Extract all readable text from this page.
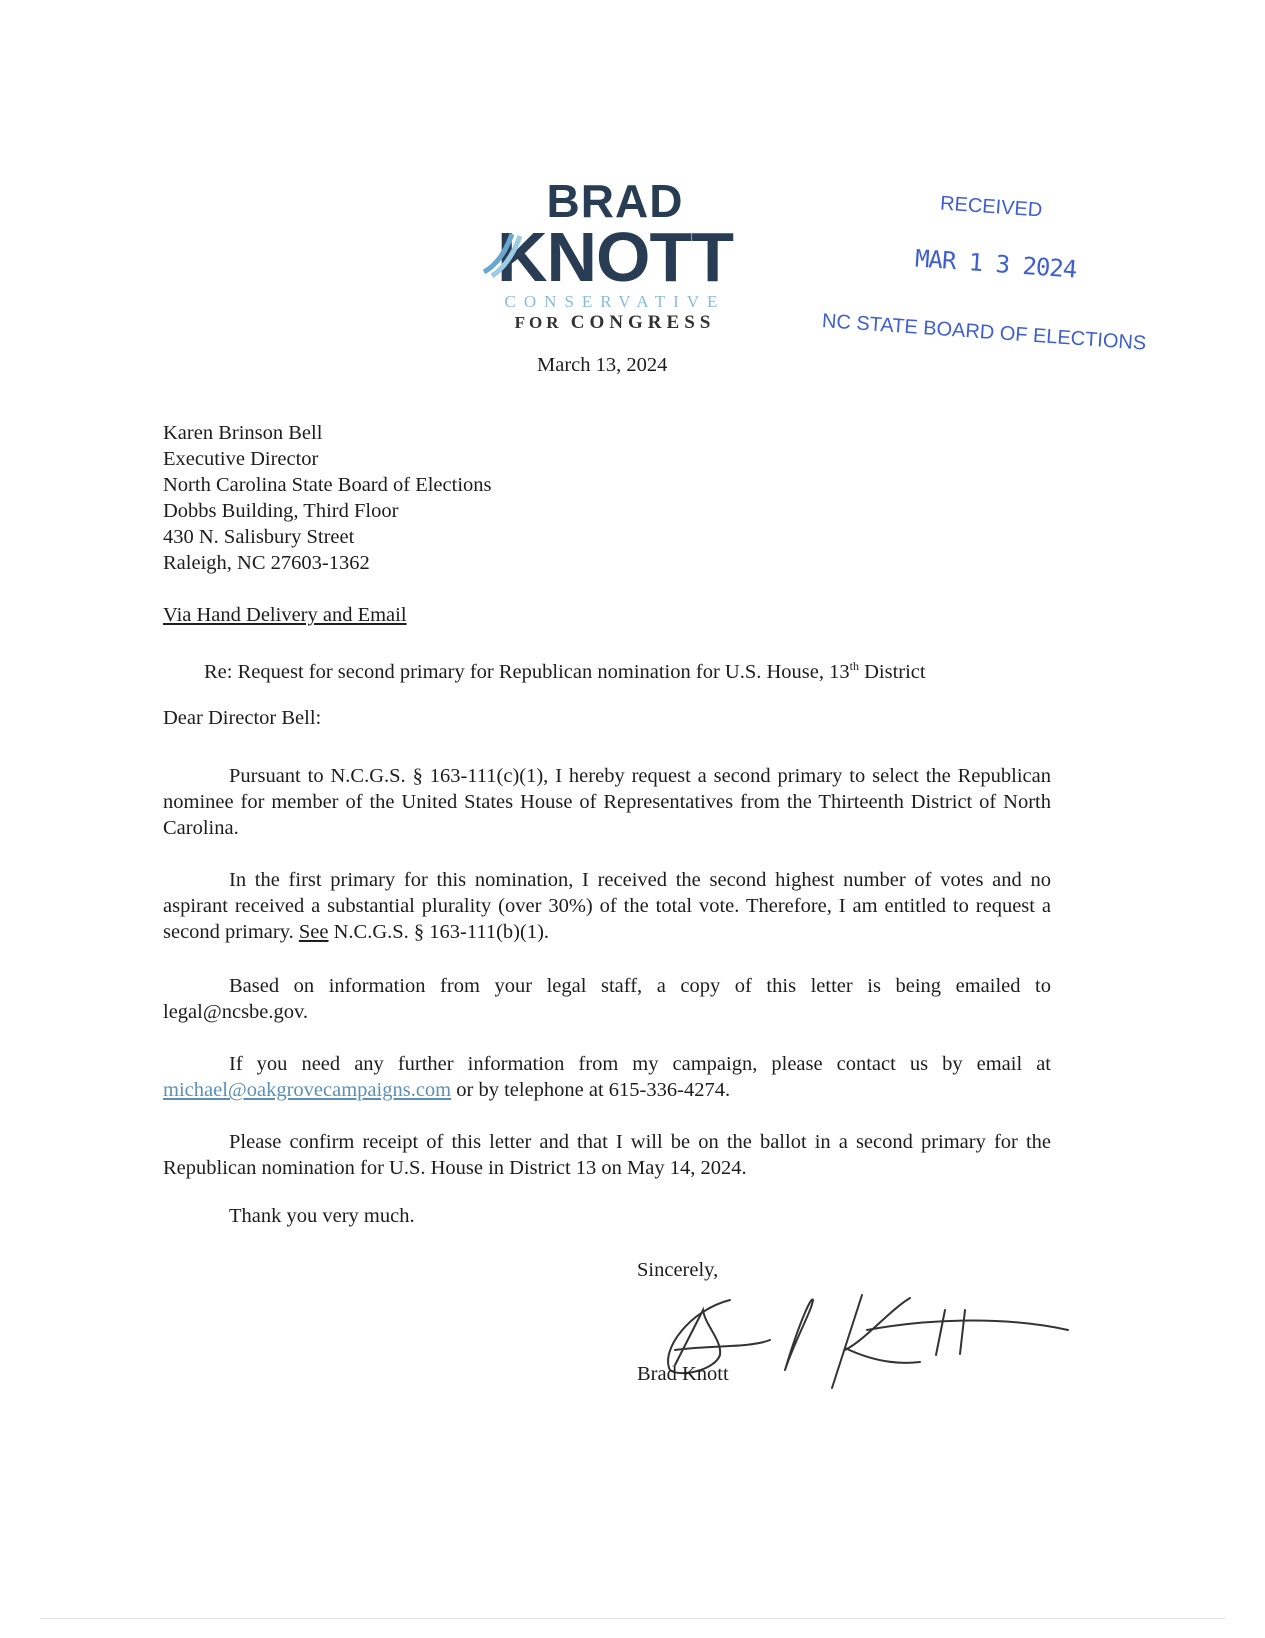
BRAD
KNOTT
CONSERVATIVE
FOR CONGRESS
RECEIVED
MAR 1 3 2024
NC STATE BOARD OF ELECTIONS
March 13, 2024
Karen Brinson Bell
Executive Director
North Carolina State Board of Elections
Dobbs Building, Third Floor
430 N. Salisbury Street
Raleigh, NC 27603-1362
Via Hand Delivery and Email
Re: Request for second primary for Republican nomination for U.S. House, 13th District
Dear Director Bell:
Pursuant to N.C.G.S. § 163-111(c)(1), I hereby request a second primary to select the Republican nominee for member of the United States House of Representatives from the Thirteenth District of North Carolina.
In the first primary for this nomination, I received the second highest number of votes and no aspirant received a substantial plurality (over 30%) of the total vote. Therefore, I am entitled to request a second primary. See N.C.G.S. § 163-111(b)(1).
Based on information from your legal staff, a copy of this letter is being emailed to legal@ncsbe.gov.
If you need any further information from my campaign, please contact us by email at michael@oakgrovecampaigns.com or by telephone at 615-336-4274.
Please confirm receipt of this letter and that I will be on the ballot in a second primary for the Republican nomination for U.S. House in District 13 on May 14, 2024.
Thank you very much.
Sincerely,
Brad Knott
